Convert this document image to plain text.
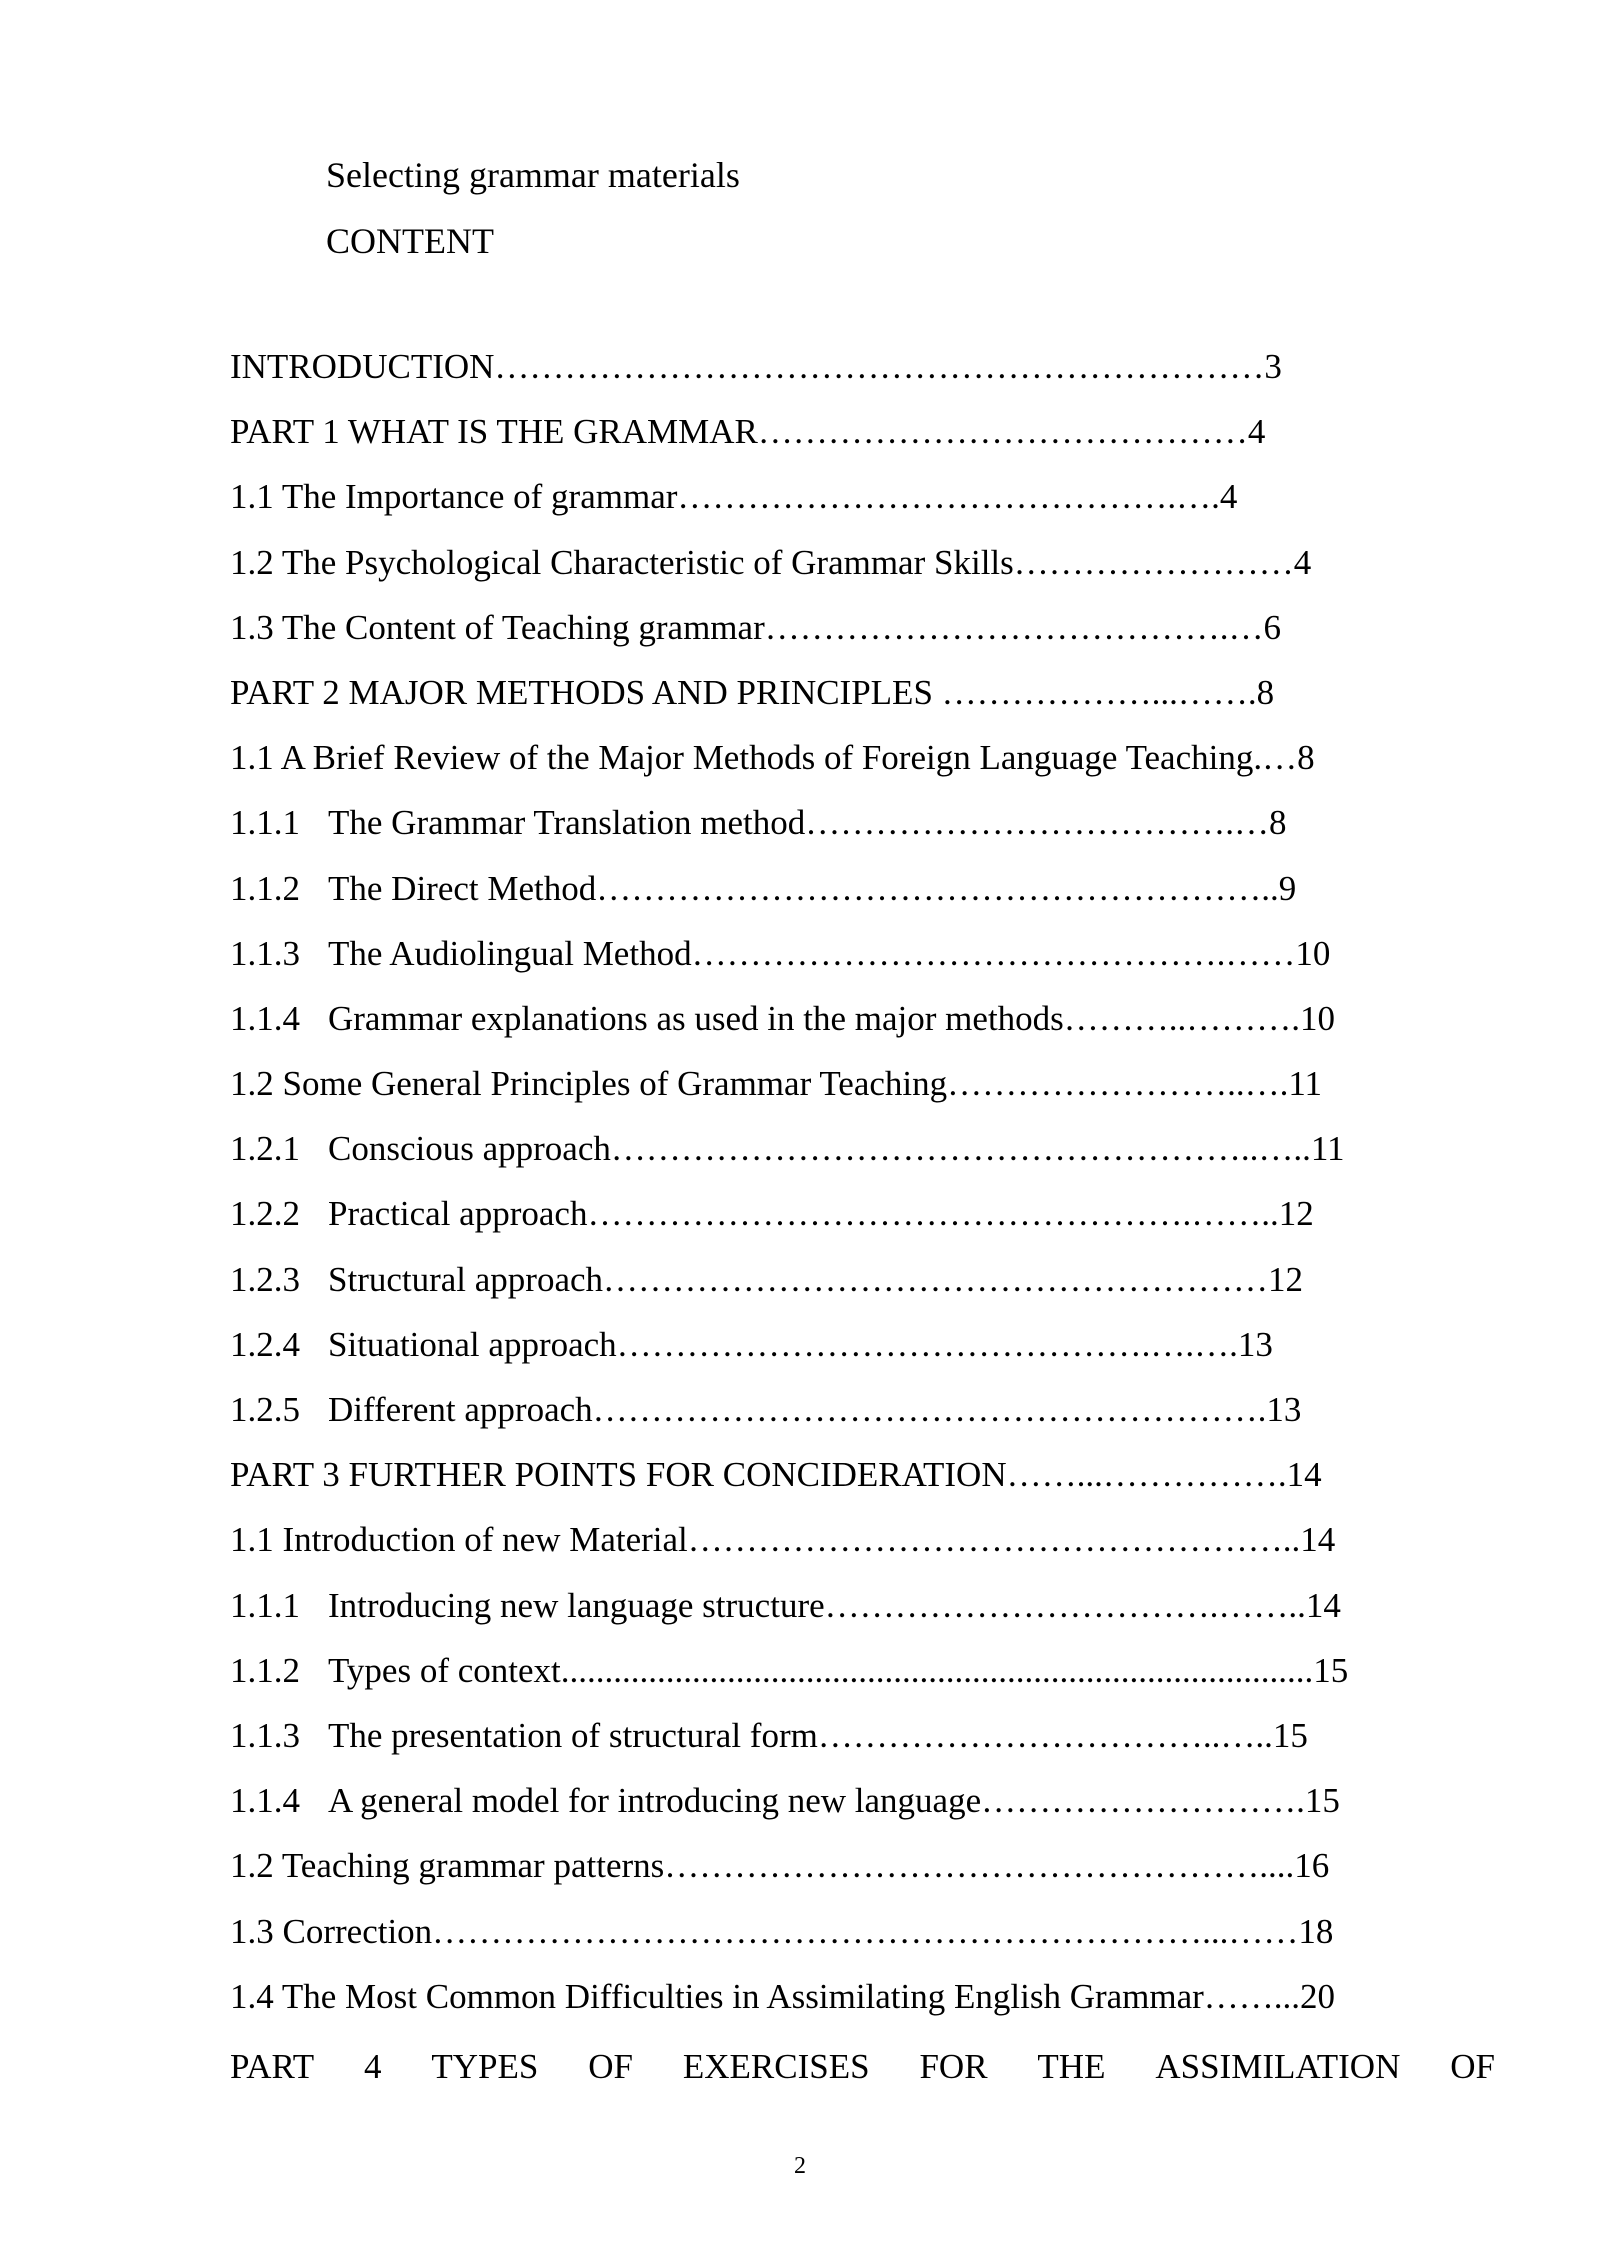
Selecting grammar materials
CONTENT
INTRODUCTION…………………………………………………………3
PART 1 WHAT IS THE GRAMMAR……………………………………4
1.1 The Importance of grammar…………………………………….….4
1.2 The Psychological Characteristic of Grammar Skills……………………4
1.3 The Content of Teaching grammar………………………………….…6
PART 2 MAJOR METHODS AND PRINCIPLES ………………...…….8
1.1 A Brief Review of the Major Methods of Foreign Language Teaching.…8
1.1.1 The Grammar Translation method……………………………….…8
1.1.2 The Direct Method…………………………………………………..9
1.1.3 The Audiolingual Method……………………………………….……10
1.1.4 Grammar explanations as used in the major methods………..……….10
1.2 Some General Principles of Grammar Teaching……………………..….11
1.2.1 Conscious approach………………………………………………..…..11
1.2.2 Practical approach…………………………………………….……..12
1.2.3 Structural approach…………………………………………………12
1.2.4 Situational approach……………………………………….….….13
1.2.5 Different approach………………………………………………….13
PART 3 FURTHER POINTS FOR CONCIDERATION……...…………….14
1.1 Introduction of new Material……………………………………………..14
1.1.1 Introducing new language structure…………………………….……..14
1.1.2 Types of context......................................................................................15
1.1.3 The presentation of structural form……………………………..…..15
1.1.4 A general model for introducing new language……………………….15
1.2 Teaching grammar patterns……………………………………………....16
1.3 Correction…………………………………………………………...……18
1.4 The Most Common Difficulties in Assimilating English Grammar……...20
PART 4 TYPES OF EXERCISES FOR THE ASSIMILATION OF
2
